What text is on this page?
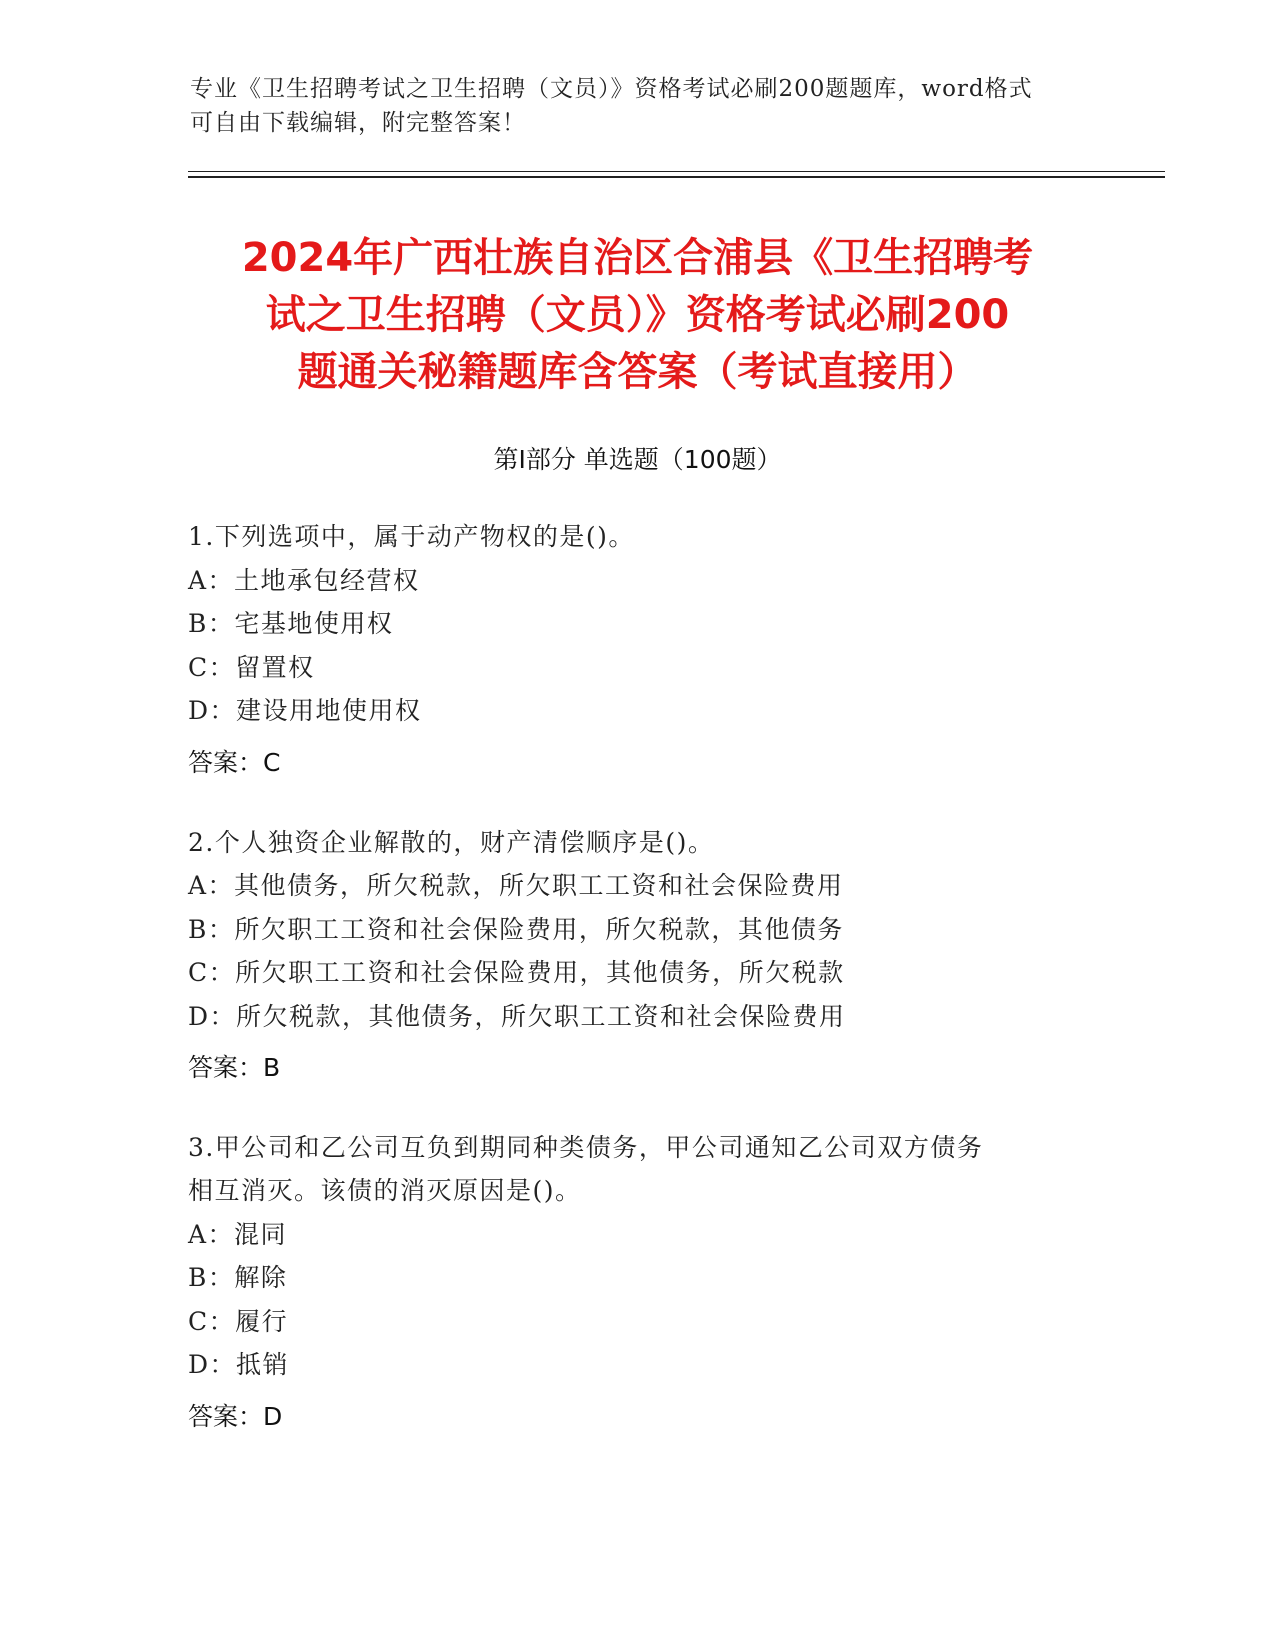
专业《卫生招聘考试之卫生招聘（文员）》资格考试必刷200题题库，word格式
可自由下载编辑，附完整答案！
2024年广西壮族自治区合浦县《卫生招聘考
试之卫生招聘（文员）》资格考试必刷200
题通关秘籍题库含答案（考试直接用）
第Ⅰ部分 单选题（100题）
1.下列选项中，属于动产物权的是()。
A：土地承包经营权
B：宅基地使用权
C：留置权
D：建设用地使用权
答案：C
2.个人独资企业解散的，财产清偿顺序是()。
A：其他债务，所欠税款，所欠职工工资和社会保险费用
B：所欠职工工资和社会保险费用，所欠税款，其他债务
C：所欠职工工资和社会保险费用，其他债务，所欠税款
D：所欠税款，其他债务，所欠职工工资和社会保险费用
答案：B
3.甲公司和乙公司互负到期同种类债务，甲公司通知乙公司双方债务
相互消灭。该债的消灭原因是()。
A：混同
B：解除
C：履行
D：抵销
答案：D
